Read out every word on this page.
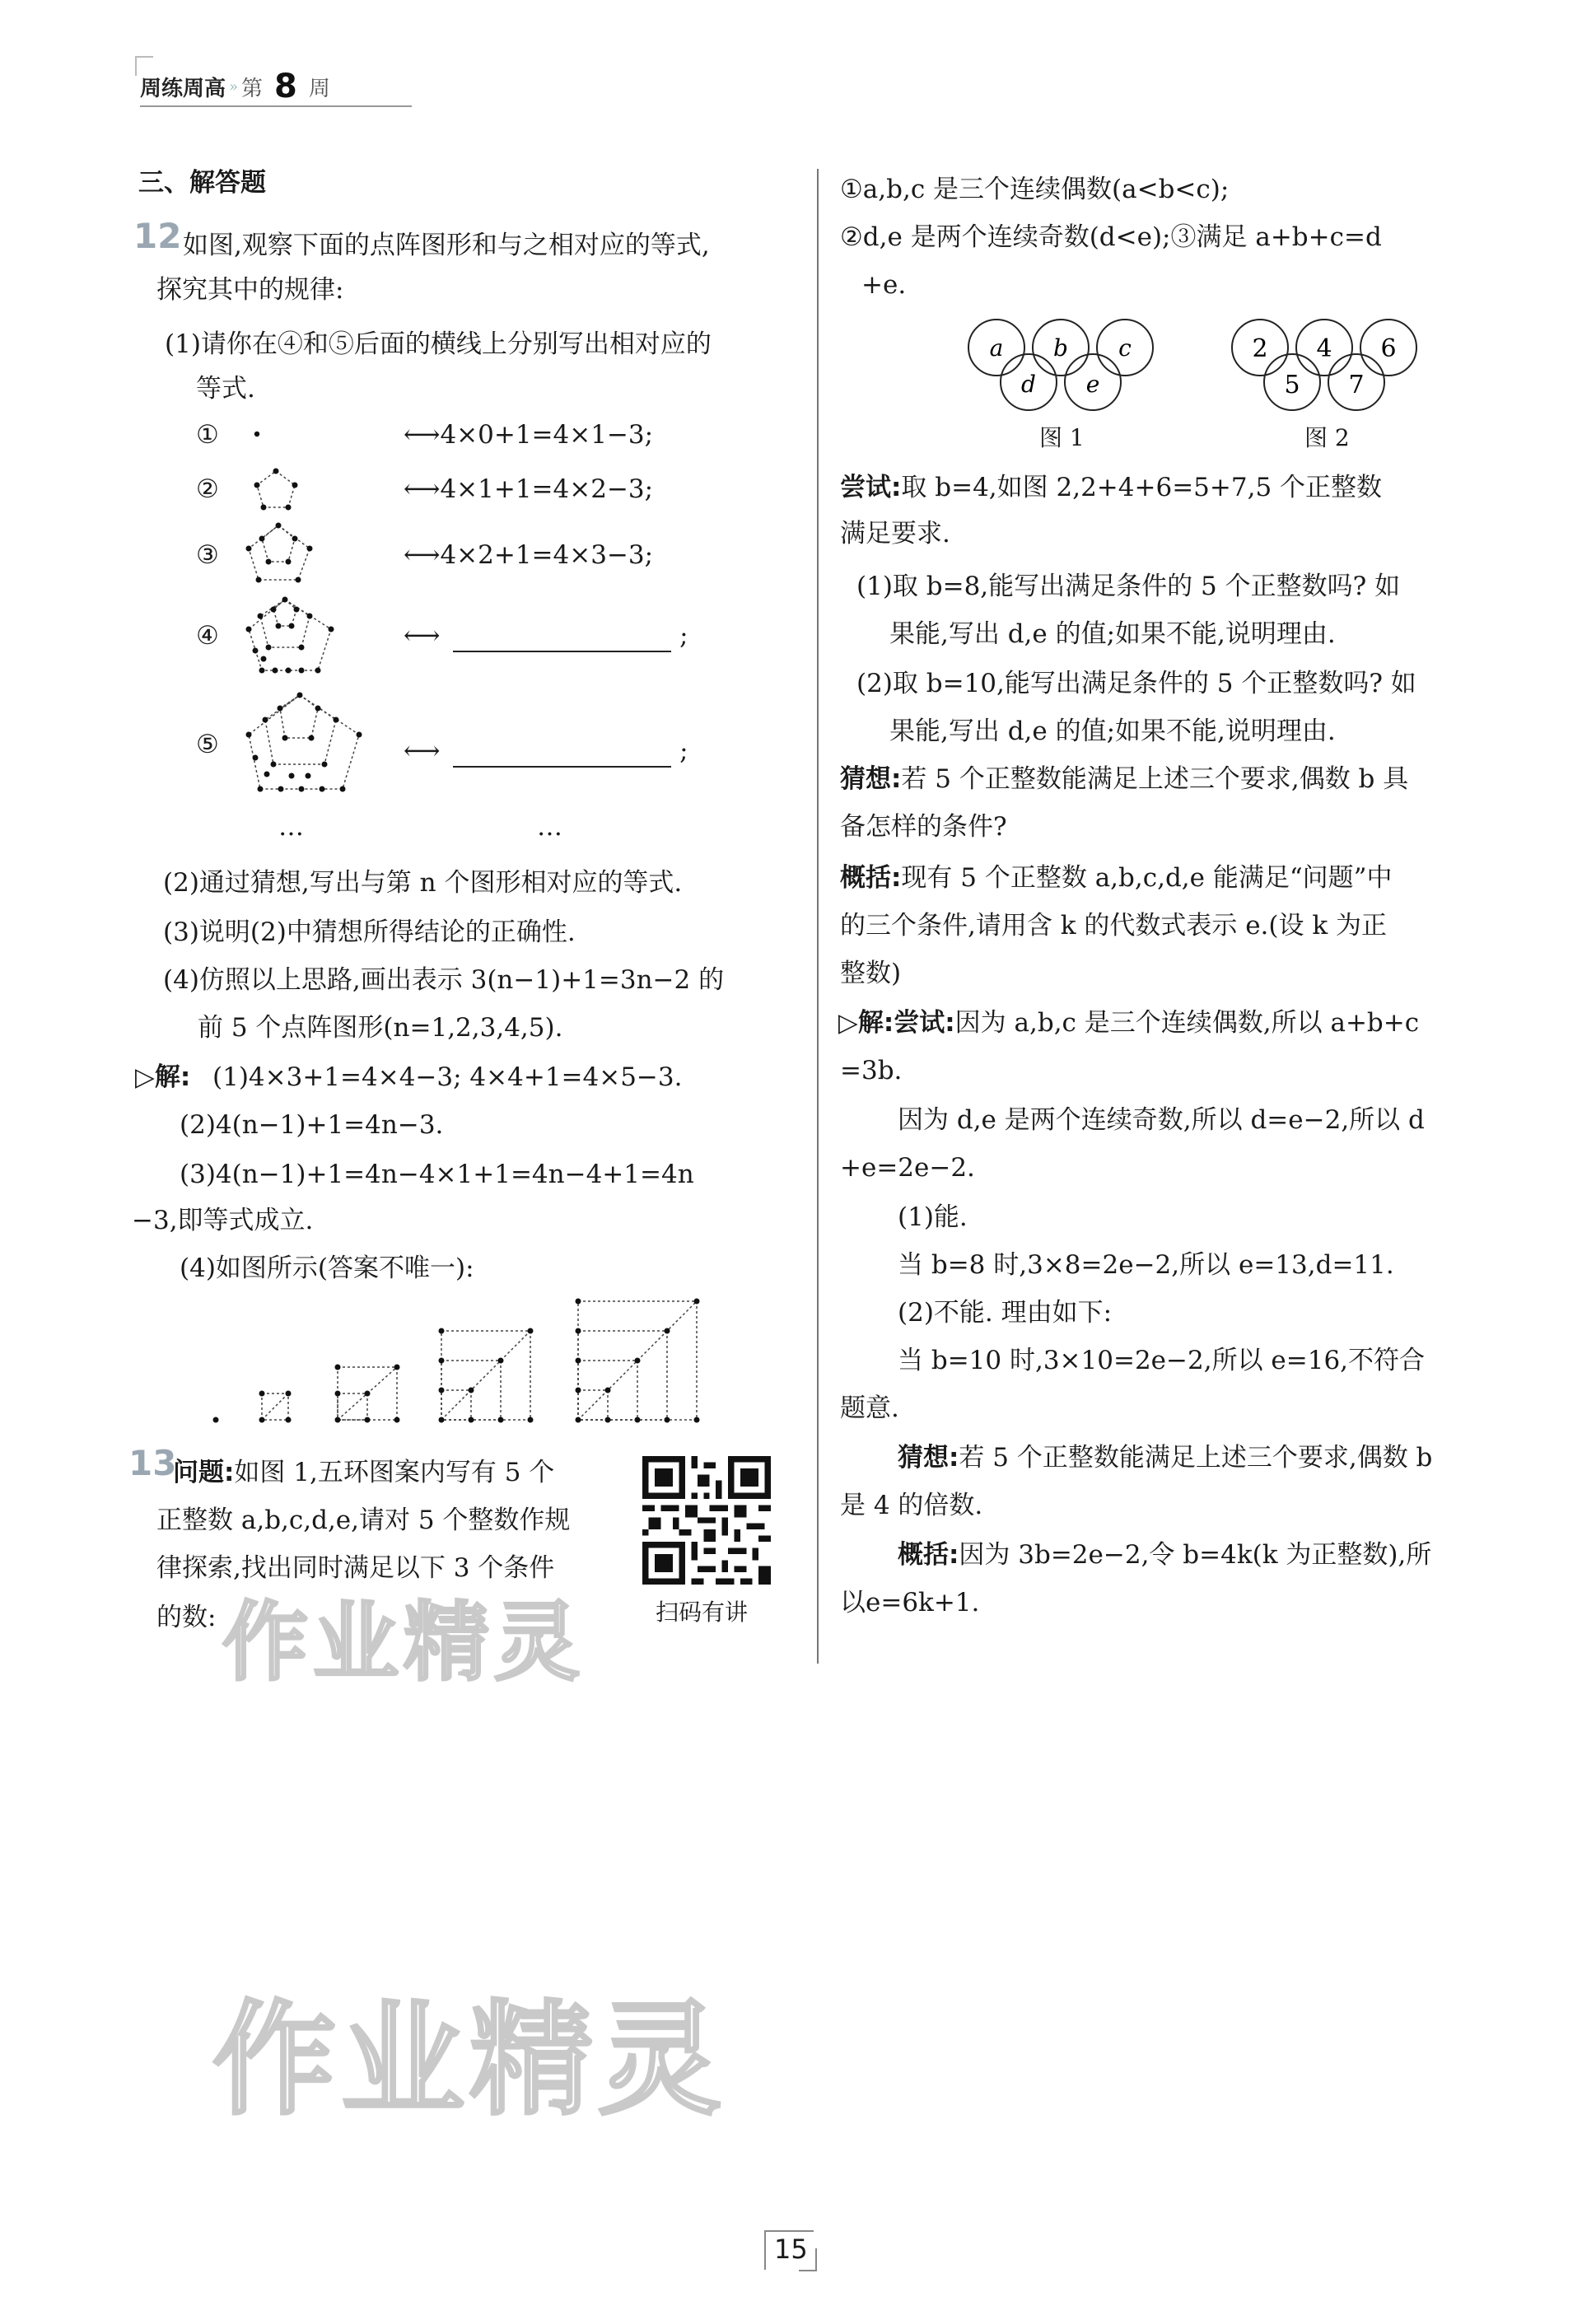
周练周高 » 第 8 周
三、解答题
12 如图,观察下面的点阵图形和与之相对应的等式,
探究其中的规律:
(1)请你在④和⑤后面的横线上分别写出相对应的
等式.
①	⟷4×0+1=4×1−3;
②	⟷4×1+1=4×2−3;
③	⟷4×2+1=4×3−3;
④	⟷	;
⑤	⟷	;
…	…
(2)通过猜想,写出与第 n 个图形相对应的等式.
(3)说明(2)中猜想所得结论的正确性.
(4)仿照以上思路,画出表示 3(n−1)+1=3n−2 的
前 5 个点阵图形(n=1,2,3,4,5).
▷解: (1)4×3+1=4×4−3; 4×4+1=4×5−3.
(2)4(n−1)+1=4n−3.
(3)4(n−1)+1=4n−4×1+1=4n−4+1=4n
−3,即等式成立.
(4)如图所示(答案不唯一):
13
问题:如图 1,五环图案内写有 5 个
正整数 a,b,c,d,e,请对 5 个整数作规
律探索,找出同时满足以下 3 个条件
的数:	扫码有讲
作业精灵
作业精灵
①a,b,c 是三个连续偶数(a<b<c);
②d,e 是两个连续奇数(d<e);③满足 a+b+c=d
+e.
a b c
d e
图 1
2 4 6
5 7
图 2
尝试:取 b=4,如图 2,2+4+6=5+7,5 个正整数
满足要求.
(1)取 b=8,能写出满足条件的 5 个正整数吗? 如
果能,写出 d,e 的值;如果不能,说明理由.
(2)取 b=10,能写出满足条件的 5 个正整数吗? 如
果能,写出 d,e 的值;如果不能,说明理由.
猜想:若 5 个正整数能满足上述三个要求,偶数 b 具
备怎样的条件?
概括:现有 5 个正整数 a,b,c,d,e 能满足“问题”中
的三个条件,请用含 k 的代数式表示 e.(设 k 为正
整数)
▷解:尝试:因为 a,b,c 是三个连续偶数,所以 a+b+c
=3b.
因为 d,e 是两个连续奇数,所以 d=e−2,所以 d
+e=2e−2.
(1)能.
当 b=8 时,3×8=2e−2,所以 e=13,d=11.
(2)不能. 理由如下:
当 b=10 时,3×10=2e−2,所以 e=16,不符合
题意.
猜想:若 5 个正整数能满足上述三个要求,偶数 b
是 4 的倍数.
概括:因为 3b=2e−2,令 b=4k(k 为正整数),所
以e=6k+1.
15
